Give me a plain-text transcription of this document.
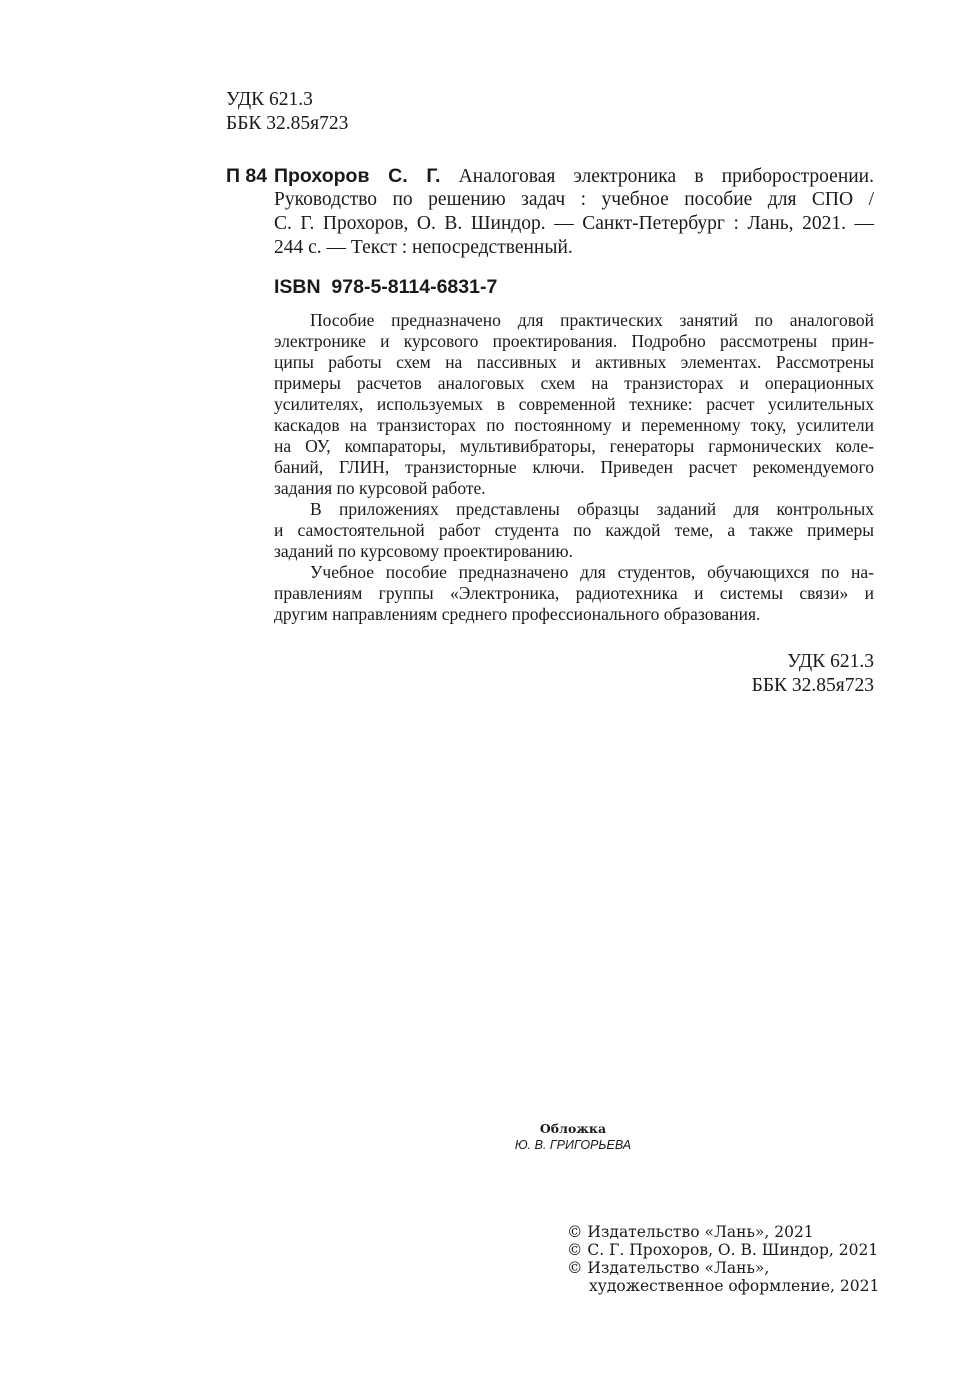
УДК 621.3
ББК 32.85я723
П 84 Прохоров С. Г. Аналоговая электроника в приборостроении.
Руководство по решению задач : учебное пособие для СПО /
С. Г. Прохоров, О. В. Шиндор. — Санкт-Петербург : Лань, 2021. —
244 с. — Текст : непосредственный.
ISBN  978-5-8114-6831-7
Пособие предназначено для практических занятий по аналоговой
электронике и курсового проектирования. Подробно рассмотрены прин-
ципы работы схем на пассивных и активных элементах. Рассмотрены
примеры расчетов аналоговых схем на транзисторах и операционных
усилителях, используемых в современной технике: расчет усилительных
каскадов на транзисторах по постоянному и переменному току, усилители
на ОУ, компараторы, мультивибраторы, генераторы гармонических коле-
баний, ГЛИН, транзисторные ключи. Приведен расчет рекомендуемого
задания по курсовой работе.
В приложениях представлены образцы заданий для контрольных
и самостоятельной работ студента по каждой теме, а также примеры
заданий по курсовому проектированию.
Учебное пособие предназначено для студентов, обучающихся по на-
правлениям группы «Электроника, радиотехника и системы связи» и
другим направлениям среднего профессионального образования.
УДК 621.3
ББК 32.85я723
Обложка
Ю. В. ГРИГОРЬЕВА
© Издательство «Лань», 2021
© С. Г. Прохоров, О. В. Шиндор, 2021
© Издательство «Лань»,
художественное оформление, 2021
